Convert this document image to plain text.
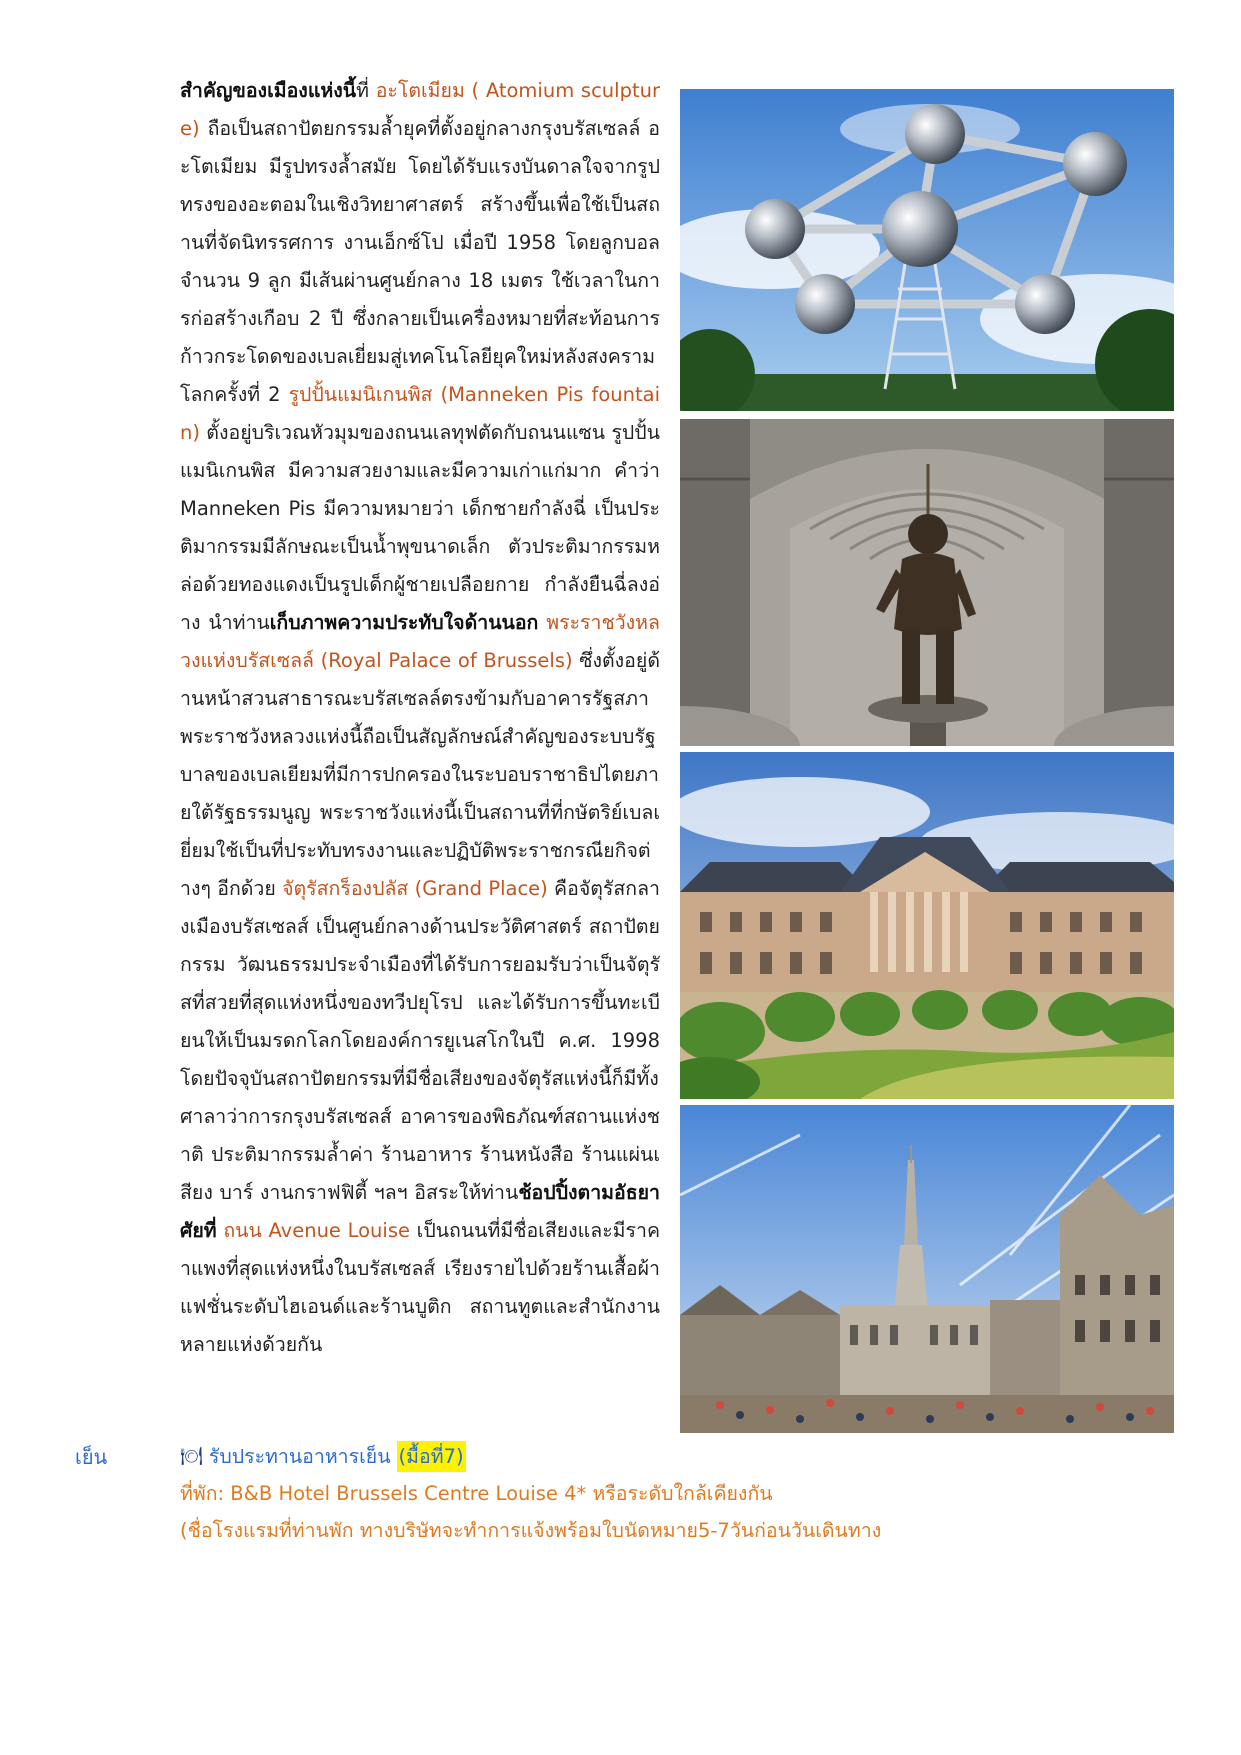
สำคัญของเมืองแห่งนี้ที่ อะโตเมียม ( Atomium sculpture) ถือเป็นสถาปัตยกรรมล้ำยุคที่ตั้งอยู่กลางกรุงบรัสเซลล์ อะโตเมียม มีรูปทรงล้ำสมัย โดยได้รับแรงบันดาลใจจากรูปทรงของอะตอมในเชิงวิทยาศาสตร์ สร้างขึ้นเพื่อใช้เป็นสถานที่จัดนิทรรศการ งานเอ็กซ์โป เมื่อปี 1958 โดยลูกบอล จำนวน 9 ลูก มีเส้นผ่านศูนย์กลาง 18 เมตร ใช้เวลาในการก่อสร้างเกือบ 2 ปี ซึ่งกลายเป็นเครื่องหมายที่สะท้อนการก้าวกระโดดของเบลเยี่ยมสู่เทคโนโลยียุคใหม่หลังสงครามโลกครั้งที่ 2 รูปปั้นแมนิเกนพิส (Manneken Pis fountain) ตั้งอยู่บริเวณหัวมุมของถนนเลทุฟตัดกับถนนแซน รูปปั้นแมนิเกนพิส มีความสวยงามและมีความเก่าแก่มาก คำว่า Manneken Pis มีความหมายว่า เด็กชายกำลังฉี่ เป็นประติมากรรมมีลักษณะเป็นน้ำพุขนาดเล็ก ตัวประติมากรรมหล่อด้วยทองแดงเป็นรูปเด็กผู้ชายเปลือยกาย กำลังยืนฉี่ลงอ่าง นำท่านเก็บภาพความประทับใจด้านนอก พระราชวังหลวงแห่งบรัสเซลล์ (Royal Palace of Brussels) ซึ่งตั้งอยู่ด้านหน้าสวนสาธารณะบรัสเซลล์ตรงข้ามกับอาคารรัฐสภา พระราชวังหลวงแห่งนี้ถือเป็นสัญลักษณ์สำคัญของระบบรัฐบาลของเบลเยียมที่มีการปกครองในระบอบราชาธิปไตยภายใต้รัฐธรรมนูญ พระราชวังแห่งนี้เป็นสถานที่ที่กษัตริย์เบลเยี่ยมใช้เป็นที่ประทับทรงงานและปฏิบัติพระราชกรณียกิจต่างๆ อีกด้วย จัตุรัสกร็องปลัส (Grand Place) คือจัตุรัสกลางเมืองบรัสเซลส์ เป็นศูนย์กลางด้านประวัติศาสตร์ สถาปัตยกรรม วัฒนธรรมประจำเมืองที่ได้รับการยอมรับว่าเป็นจัตุรัสที่สวยที่สุดแห่งหนึ่งของทวีปยุโรป และได้รับการขึ้นทะเบียนให้เป็นมรดกโลกโดยองค์การยูเนสโกในปี ค.ศ. 1998 โดยปัจจุบันสถาปัตยกรรมที่มีชื่อเสียงของจัตุรัสแห่งนี้ก็มีทั้งศาลาว่าการกรุงบรัสเซลส์ อาคารของพิธภัณฑ์สถานแห่งชาติ ประติมากรรมล้ำค่า ร้านอาหาร ร้านหนังสือ ร้านแผ่นเสียง บาร์ งานกราฟฟิตี้ ฯลฯ อิสระให้ท่านช้อปปิ้งตามอัธยาศัยที่ ถนน Avenue Louise เป็นถนนที่มีชื่อเสียงและมีราคาแพงที่สุดแห่งหนึ่งในบรัสเซลส์ เรียงรายไปด้วยร้านเสื้อผ้าแฟชั่นระดับไฮเอนด์และร้านบูติก สถานทูตและสำนักงานหลายแห่งด้วยกัน
เย็น	🍽 รับประทานอาหารเย็น (มื้อที่7)
ที่พัก: B&B Hotel Brussels Centre Louise 4* หรือระดับใกล้เคียงกัน
(ชื่อโรงแรมที่ท่านพัก ทางบริษัทจะทำการแจ้งพร้อมใบนัดหมาย5-7วันก่อนวันเดินทาง
